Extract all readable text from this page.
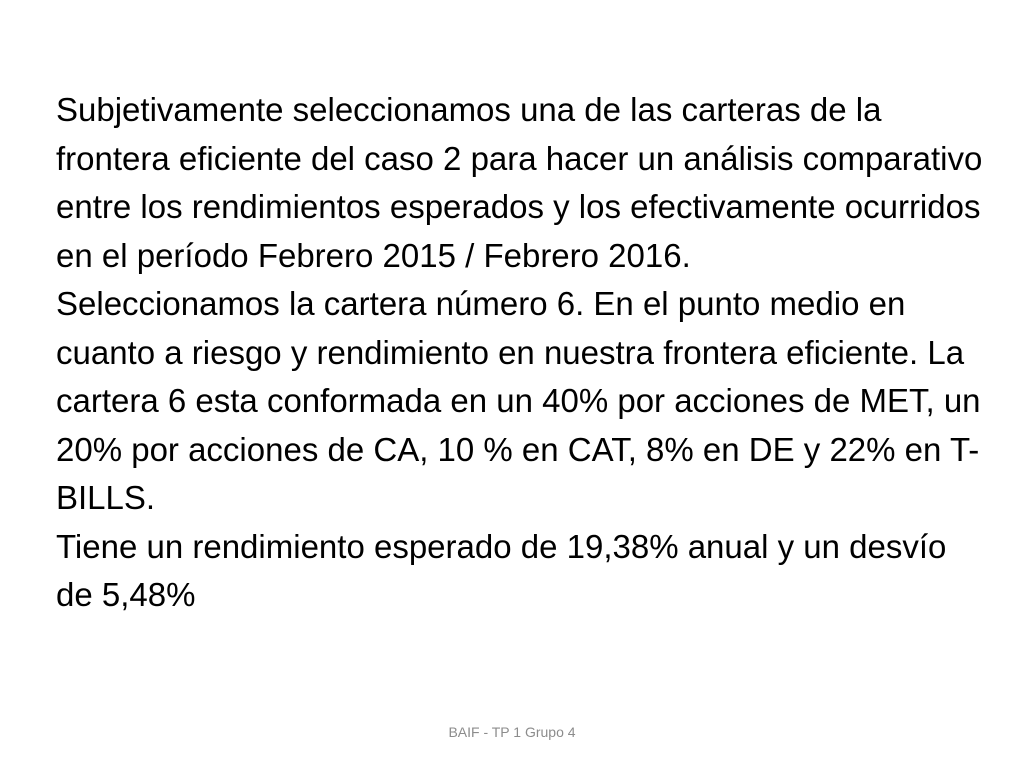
Subjetivamente seleccionamos una de las carteras de la frontera eficiente del caso 2 para hacer un análisis comparativo entre los rendimientos esperados y los efectivamente ocurridos en el período Febrero 2015 / Febrero 2016.

Seleccionamos la cartera número 6. En el punto medio en cuanto a riesgo y rendimiento en nuestra frontera eficiente. La cartera 6 esta conformada en un 40% por acciones de MET, un 20% por acciones de CA, 10 % en CAT, 8% en DE y 22% en T-BILLS.

Tiene un rendimiento esperado de 19,38% anual y un desvío de 5,48%

BAIF - TP 1 Grupo 4
